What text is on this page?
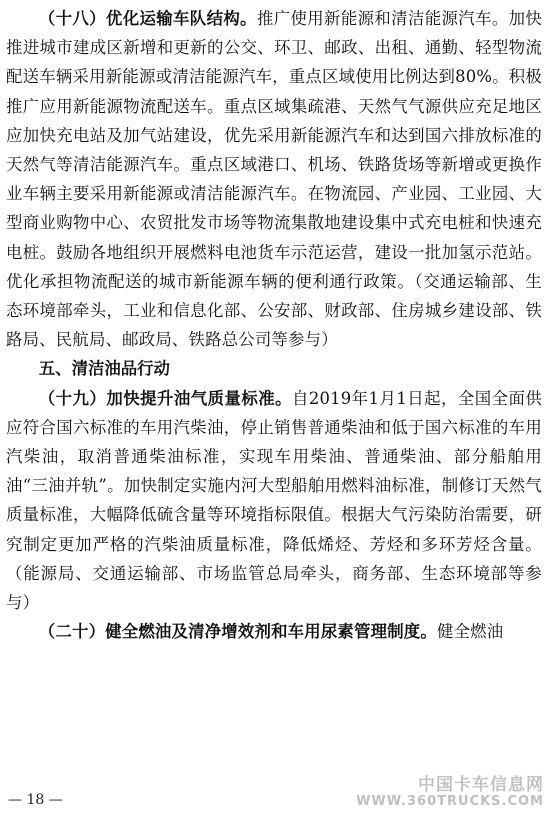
（十八）优化运输车队结构。推广使用新能源和清洁能源汽车。加快推进城市建成区新增和更新的公交、环卫、邮政、出租、通勤、轻型物流配送车辆采用新能源或清洁能源汽车，重点区域使用比例达到80%。积极推广应用新能源物流配送车。重点区域集疏港、天然气气源供应充足地区应加快充电站及加气站建设，优先采用新能源汽车和达到国六排放标准的天然气等清洁能源汽车。重点区域港口、机场、铁路货场等新增或更换作业车辆主要采用新能源或清洁能源汽车。在物流园、产业园、工业园、大型商业购物中心、农贸批发市场等物流集散地建设集中式充电桩和快速充电桩。鼓励各地组织开展燃料电池货车示范运营，建设一批加氢示范站。优化承担物流配送的城市新能源车辆的便利通行政策。（交通运输部、生态环境部牵头，工业和信息化部、公安部、财政部、住房城乡建设部、铁路局、民航局、邮政局、铁路总公司等参与）

五、清洁油品行动

（十九）加快提升油气质量标准。自2019年1月1日起，全国全面供应符合国六标准的车用汽柴油，停止销售普通柴油和低于国六标准的车用汽柴油，取消普通柴油标准，实现车用柴油、普通柴油、部分船舶用油“三油并轨”。加快制定实施内河大型船舶用燃料油标准，制修订天然气质量标准，大幅降低硫含量等环境指标限值。根据大气污染防治需要，研究制定更加严格的汽柴油质量标准，降低烯烃、芳烃和多环芳烃含量。（能源局、交通运输部、市场监管总局牵头，商务部、生态环境部等参与）

（二十）健全燃油及清净增效剂和车用尿素管理制度。健全燃油

— 18 —
中国卡车信息网
WWW.360TRUCKS.COM
